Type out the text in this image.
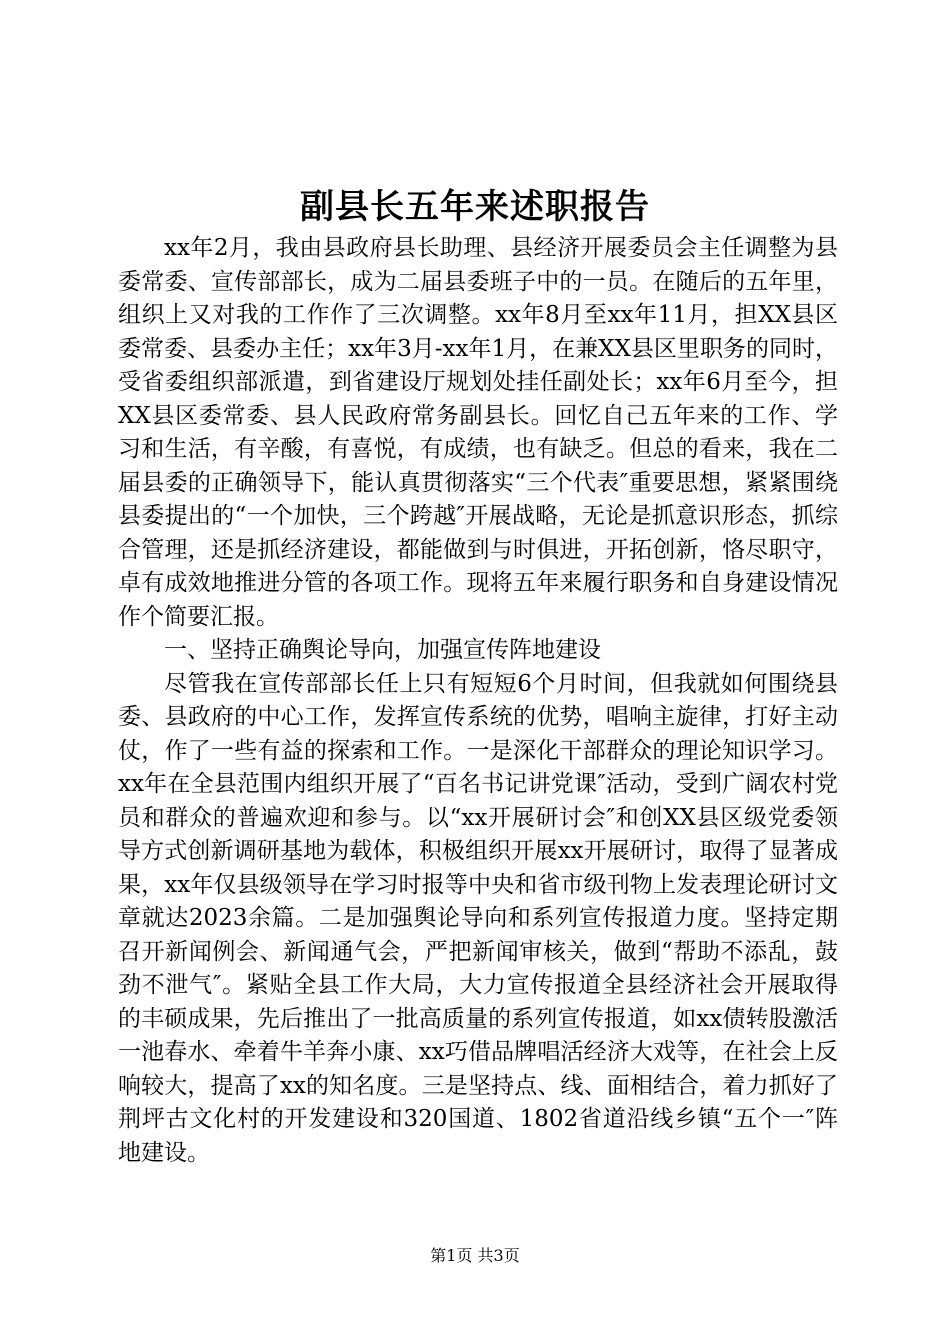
副县长五年来述职报告

xx年2月，我由县政府县长助理、县经济开展委员会主任调整为县委常委、宣传部部长，成为二届县委班子中的一员。在随后的五年里，组织上又对我的工作作了三次调整。xx年8月至xx年11月，担XX县区委常委、县委办主任；xx年3月-xx年1月，在兼XX县区里职务的同时，受省委组织部派遣，到省建设厅规划处挂任副处长；xx年6月至今，担XX县区委常委、县人民政府常务副县长。回忆自己五年来的工作、学习和生活，有辛酸，有喜悦，有成绩，也有缺乏。但总的看来，我在二届县委的正确领导下，能认真贯彻落实“三个代表″重要思想，紧紧围绕县委提出的“一个加快，三个跨越″开展战略，无论是抓意识形态，抓综合管理，还是抓经济建设，都能做到与时俱进，开拓创新，恪尽职守，卓有成效地推进分管的各项工作。现将五年来履行职务和自身建设情况作个简要汇报。

一、坚持正确舆论导向，加强宣传阵地建设

尽管我在宣传部部长任上只有短短6个月时间，但我就如何围绕县委、县政府的中心工作，发挥宣传系统的优势，唱响主旋律，打好主动仗，作了一些有益的探索和工作。一是深化干部群众的理论知识学习。xx年在全县范围内组织开展了“百名书记讲党课″活动，受到广阔农村党员和群众的普遍欢迎和参与。以“xx开展研讨会″和创XX县区级党委领导方式创新调研基地为载体，积极组织开展xx开展研讨，取得了显著成果，xx年仅县级领导在学习时报等中央和省市级刊物上发表理论研讨文章就达2023余篇。二是加强舆论导向和系列宣传报道力度。坚持定期召开新闻例会、新闻通气会，严把新闻审核关，做到“帮助不添乱，鼓劲不泄气″。紧贴全县工作大局，大力宣传报道全县经济社会开展取得的丰硕成果，先后推出了一批高质量的系列宣传报道，如xx债转股激活一池春水、牵着牛羊奔小康、xx巧借品牌唱活经济大戏等，在社会上反响较大，提高了xx的知名度。三是坚持点、线、面相结合，着力抓好了荆坪古文化村的开发建设和320国道、1802省道沿线乡镇“五个一″阵地建设。

第1页 共3页
